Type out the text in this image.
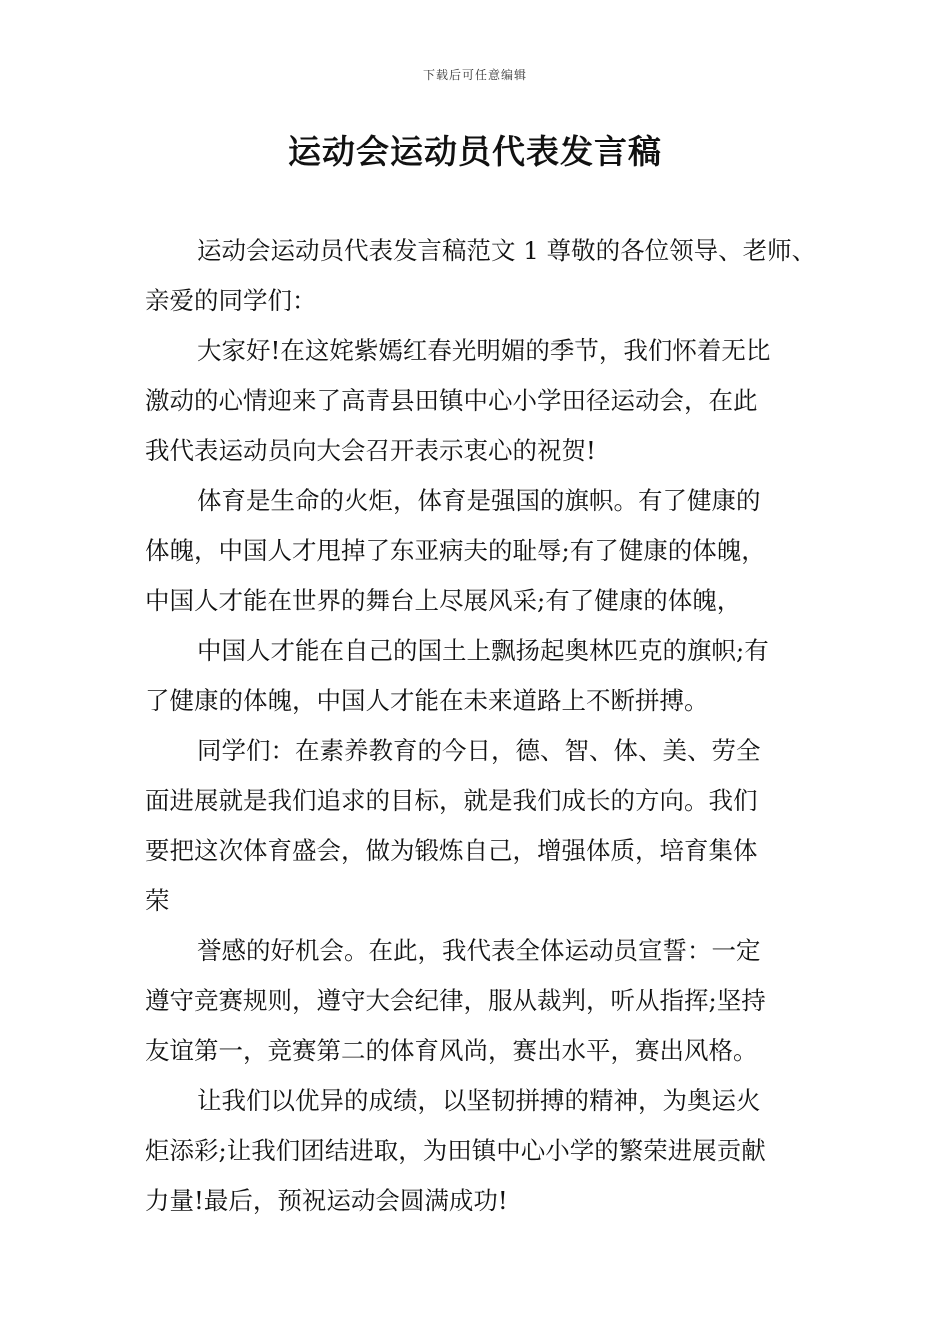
下载后可任意编辑
运动会运动员代表发言稿
运动会运动员代表发言稿范文 1 尊敬的各位领导、老师、
亲爱的同学们：
大家好!在这姹紫嫣红春光明媚的季节，我们怀着无比
激动的心情迎来了高青县田镇中心小学田径运动会，在此
我代表运动员向大会召开表示衷心的祝贺!
体育是生命的火炬，体育是强国的旗帜。有了健康的
体魄，中国人才甩掉了东亚病夫的耻辱;有了健康的体魄，
中国人才能在世界的舞台上尽展风采;有了健康的体魄，
中国人才能在自己的国土上飘扬起奥林匹克的旗帜;有
了健康的体魄，中国人才能在未来道路上不断拼搏。
同学们：在素养教育的今日，德、智、体、美、劳全
面进展就是我们追求的目标，就是我们成长的方向。我们
要把这次体育盛会，做为锻炼自己，增强体质，培育集体
荣
誉感的好机会。在此，我代表全体运动员宣誓：一定
遵守竞赛规则，遵守大会纪律，服从裁判，听从指挥;坚持
友谊第一，竞赛第二的体育风尚，赛出水平，赛出风格。
让我们以优异的成绩，以坚韧拼搏的精神，为奥运火
炬添彩;让我们团结进取，为田镇中心小学的繁荣进展贡献
力量!最后，预祝运动会圆满成功!
